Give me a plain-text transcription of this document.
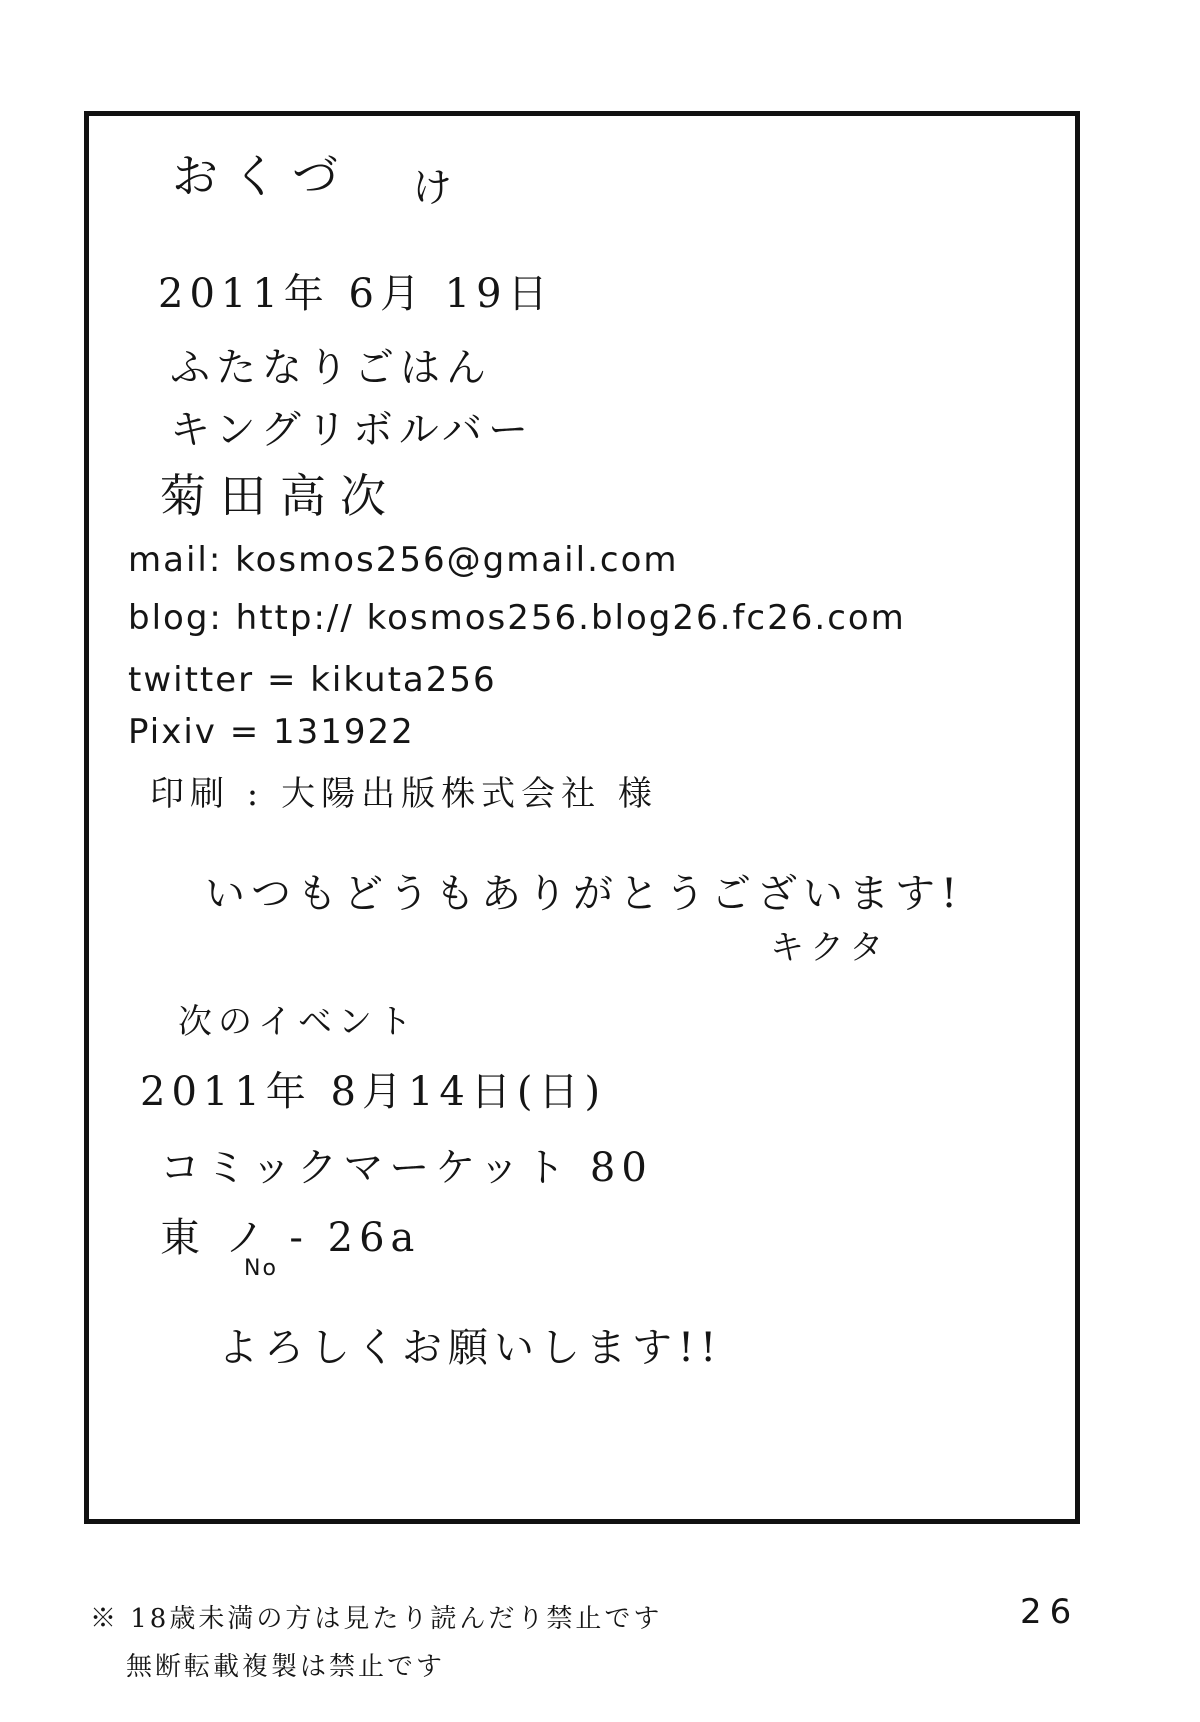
おくづ け
2011年 6月 19日
ふたなりごはん
キングリボルバー
菊田高次
mail: kosmos256@gmail.com
blog: http:// kosmos256.blog26.fc26.com
twitter = kikuta256
Pixiv = 131922
印刷 : 大陽出版株式会社 様
いつもどうもありがとうございます!
キクタ
次のイベント
2011年 8月14日(日)
コミックマーケット 80
東 ノ - 26a
No
よろしくお願いします!!
※ 18歳未満の方は見たり読んだり禁止です
無断転載複製は禁止です
26
